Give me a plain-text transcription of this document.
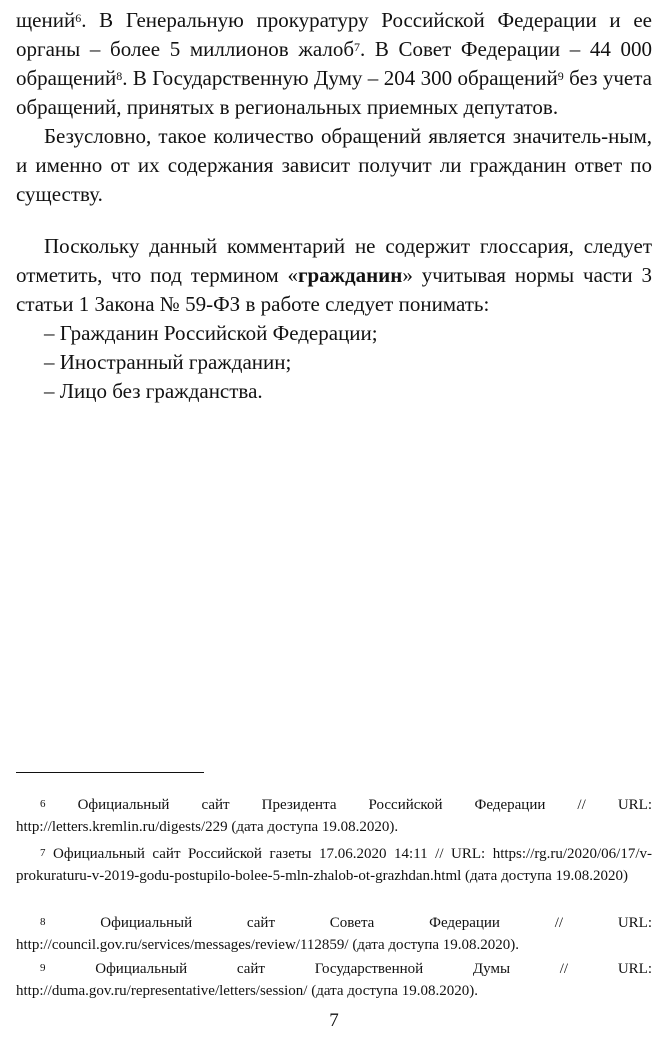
щений$^6$. В Генеральную прокуратуру Российской Федерации и ее органы – более 5 миллионов жалоб$^7$. В Совет Федерации – 44 000 обращений$^8$. В Государственную Думу – 204 300 обращений$^9$ без учета обращений, принятых в региональных приемных депутатов.

Безусловно, такое количество обращений является значитель-ным, и именно от их содержания зависит получит ли гражданин ответ по существу.

Поскольку данный комментарий не содержит глоссария, следует отметить, что под термином «гражданин» учитывая нормы части 3 статьи 1 Закона № 59-ФЗ в работе следует понимать:

– Гражданин Российской Федерации;

– Иностранный гражданин;

– Лицо без гражданства.

$^6$ Официальный сайт Президента Российской Федерации // URL: http://letters.kremlin.ru/digests/229 (дата доступа 19.08.2020).

$^7$ Официальный сайт Российской газеты 17.06.2020 14:11 // URL: https://rg.ru/2020/06/17/v-prokuraturu-v-2019-godu-postupilo-bolee-5-mln-zhalob-ot-grazhdan.html (дата доступа 19.08.2020)

$^8$	Официальный сайт Совета Федерации // URL: http://council.gov.ru/services/messages/review/112859/ (дата доступа 19.08.2020).

$^9$	Официальный сайт Государственной Думы // URL: http://duma.gov.ru/representative/letters/session/ (дата доступа 19.08.2020).

7
